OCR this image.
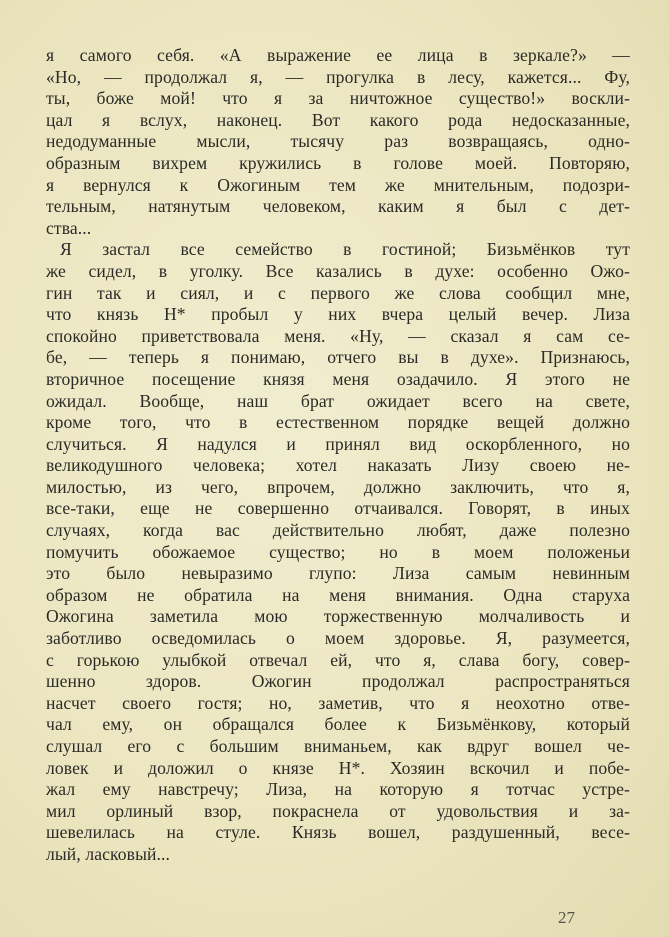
я самого себя. «А выражение ее лица в зеркале?» —
«Но, — продолжал я, — прогулка в лесу, кажется... Фу,
ты, боже мой! что я за ничтожное существо!» воскли-
цал я вслух, наконец. Вот какого рода недосказанные,
недодуманные мысли, тысячу раз возвращаясь, одно-
образным вихрем кружились в голове моей. Повторяю,
я вернулся к Ожогиным тем же мнительным, подозри-
тельным, натянутым человеком, каким я был с дет-
ства...
Я застал все семейство в гостиной; Бизьмёнков тут
же сидел, в уголку. Все казались в духе: особенно Ожо-
гин так и сиял, и с первого же слова сообщил мне,
что князь Н* пробыл у них вчера целый вечер. Лиза
спокойно приветствовала меня. «Ну, — сказал я сам се-
бе, — теперь я понимаю, отчего вы в духе». Признаюсь,
вторичное посещение князя меня озадачило. Я этого не
ожидал. Вообще, наш брат ожидает всего на свете,
кроме того, что в естественном порядке вещей должно
случиться. Я надулся и принял вид оскорбленного, но
великодушного человека; хотел наказать Лизу своею не-
милостью, из чего, впрочем, должно заключить, что я,
все-таки, еще не совершенно отчаивался. Говорят, в иных
случаях, когда вас действительно любят, даже полезно
помучить обожаемое существо; но в моем положеньи
это было невыразимо глупо: Лиза самым невинным
образом не обратила на меня внимания. Одна старуха
Ожогина заметила мою торжественную молчаливость и
заботливо осведомилась о моем здоровье. Я, разумеется,
с горькою улыбкой отвечал ей, что я, слава богу, совер-
шенно здоров. Ожогин продолжал распространяться
насчет своего гостя; но, заметив, что я неохотно отве-
чал ему, он обращался более к Бизьмёнкову, который
слушал его с большим вниманьем, как вдруг вошел че-
ловек и доложил о князе Н*. Хозяин вскочил и побе-
жал ему навстречу; Лиза, на которую я тотчас устре-
мил орлиный взор, покраснела от удовольствия и за-
шевелилась на стуле. Князь вошел, раздушенный, весе-
лый, ласковый...
27
